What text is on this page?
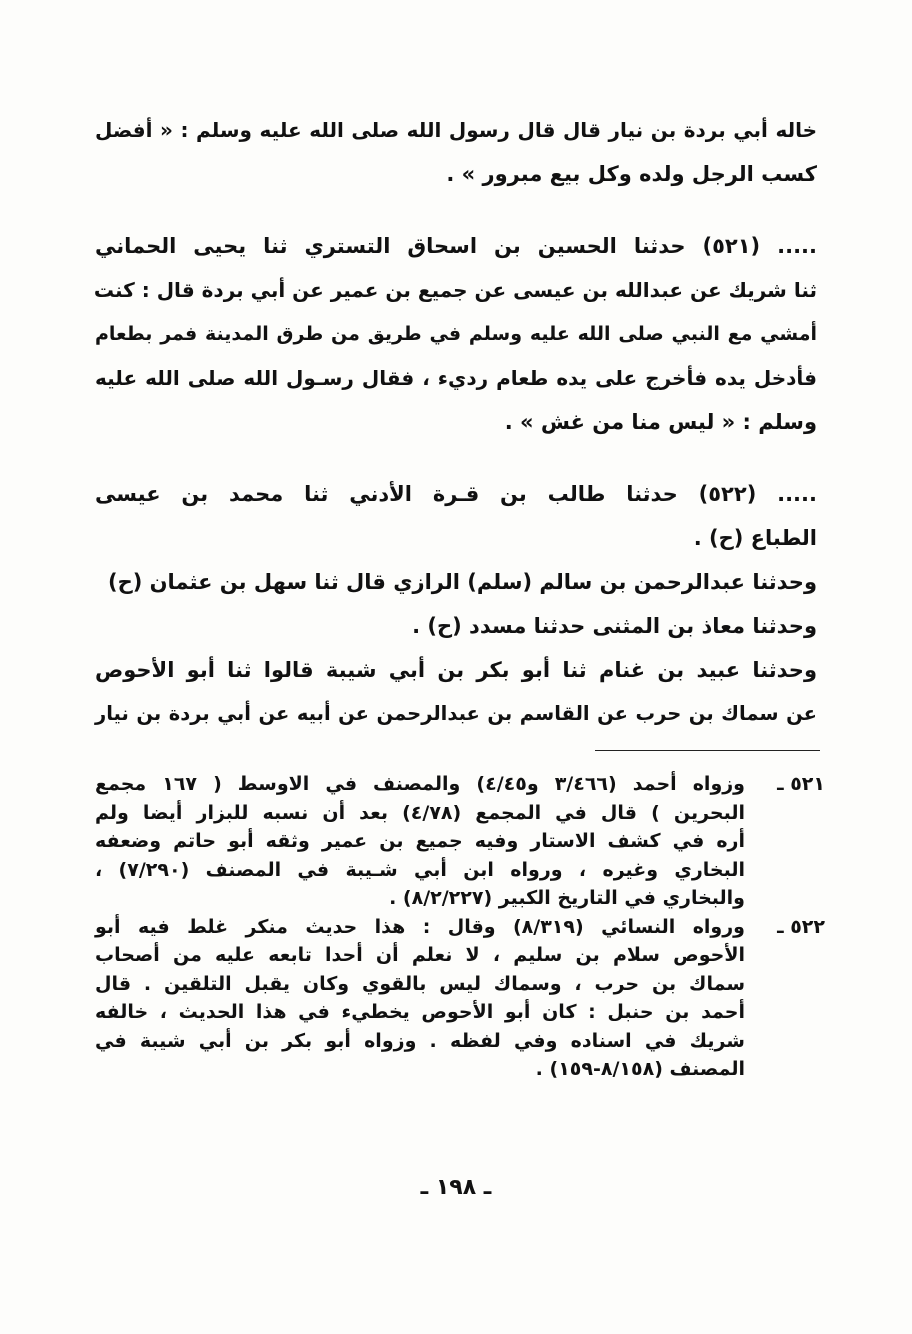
خاله أبي بردة بن نيار قال قال رسول الله صلى الله عليه وسلم : « أفضل
كسب الرجل ولده وكل بيع مبرور » .
..... (٥٢١) حدثنا الحسين بن اسحاق التستري ثنا يحيى الحماني
ثنا شريك عن عبدالله بن عيسى عن جميع بن عمير عن أبي بردة قال : كنت
أمشي مع النبي صلى الله عليه وسلم في طريق من طرق المدينة فمر بطعام
فأدخل يده فأخرج على يده طعام رديء ، فقال رسـول الله صلى الله عليه
وسلم : « ليس منا من غش » .
..... (٥٢٢) حدثنا طالب بن قـرة الأدني ثنا محمد بن عيسى
الطباع (ح) .
وحدثنا عبدالرحمن بن سالم (سلم) الرازي قال ثنا سهل بن عثمان (ح)
وحدثنا معاذ بن المثنى حدثنا مسدد (ح) .
وحدثنا عبيد بن غنام ثنا أبو بكر بن أبي شيبة قالوا ثنا أبو الأحوص
عن سماك بن حرب عن القاسم بن عبدالرحمن عن أبيه عن أبي بردة بن نيار
٥٢١ ـ
وزواه أحمد (٣/٤٦٦ و٤/٤٥) والمصنف في الاوسط ( ١٦٧ مجمع
البحرين ) قال في المجمع (٤/٧٨) بعد أن نسبه للبزار أيضا ولم
أره في كشف الاستار وفيه جميع بن عمير وثقه أبو حاتم وضعفه
البخاري وغيره ، ورواه ابن أبي شـيبة في المصنف (٧/٢٩٠) ،
والبخاري في التاريخ الكبير (٨/٢/٢٢٧) .
٥٢٢ ـ
ورواه النسائي (٨/٣١٩) وقال : هذا حديث منكر غلط فيه أبو
الأحوص سلام بن سليم ، لا نعلم أن أحدا تابعه عليه من أصحاب
سماك بن حرب ، وسماك ليس بالقوي وكان يقبل التلقين . قال
أحمد بن حنبل : كان أبو الأحوص يخطيء في هذا الحديث ، خالفه
شريك في اسناده وفي لفظه . وزواه أبو بكر بن أبي شيبة في
المصنف (٨/١٥٨-١٥٩) .
ـ ١٩٨ ـ
